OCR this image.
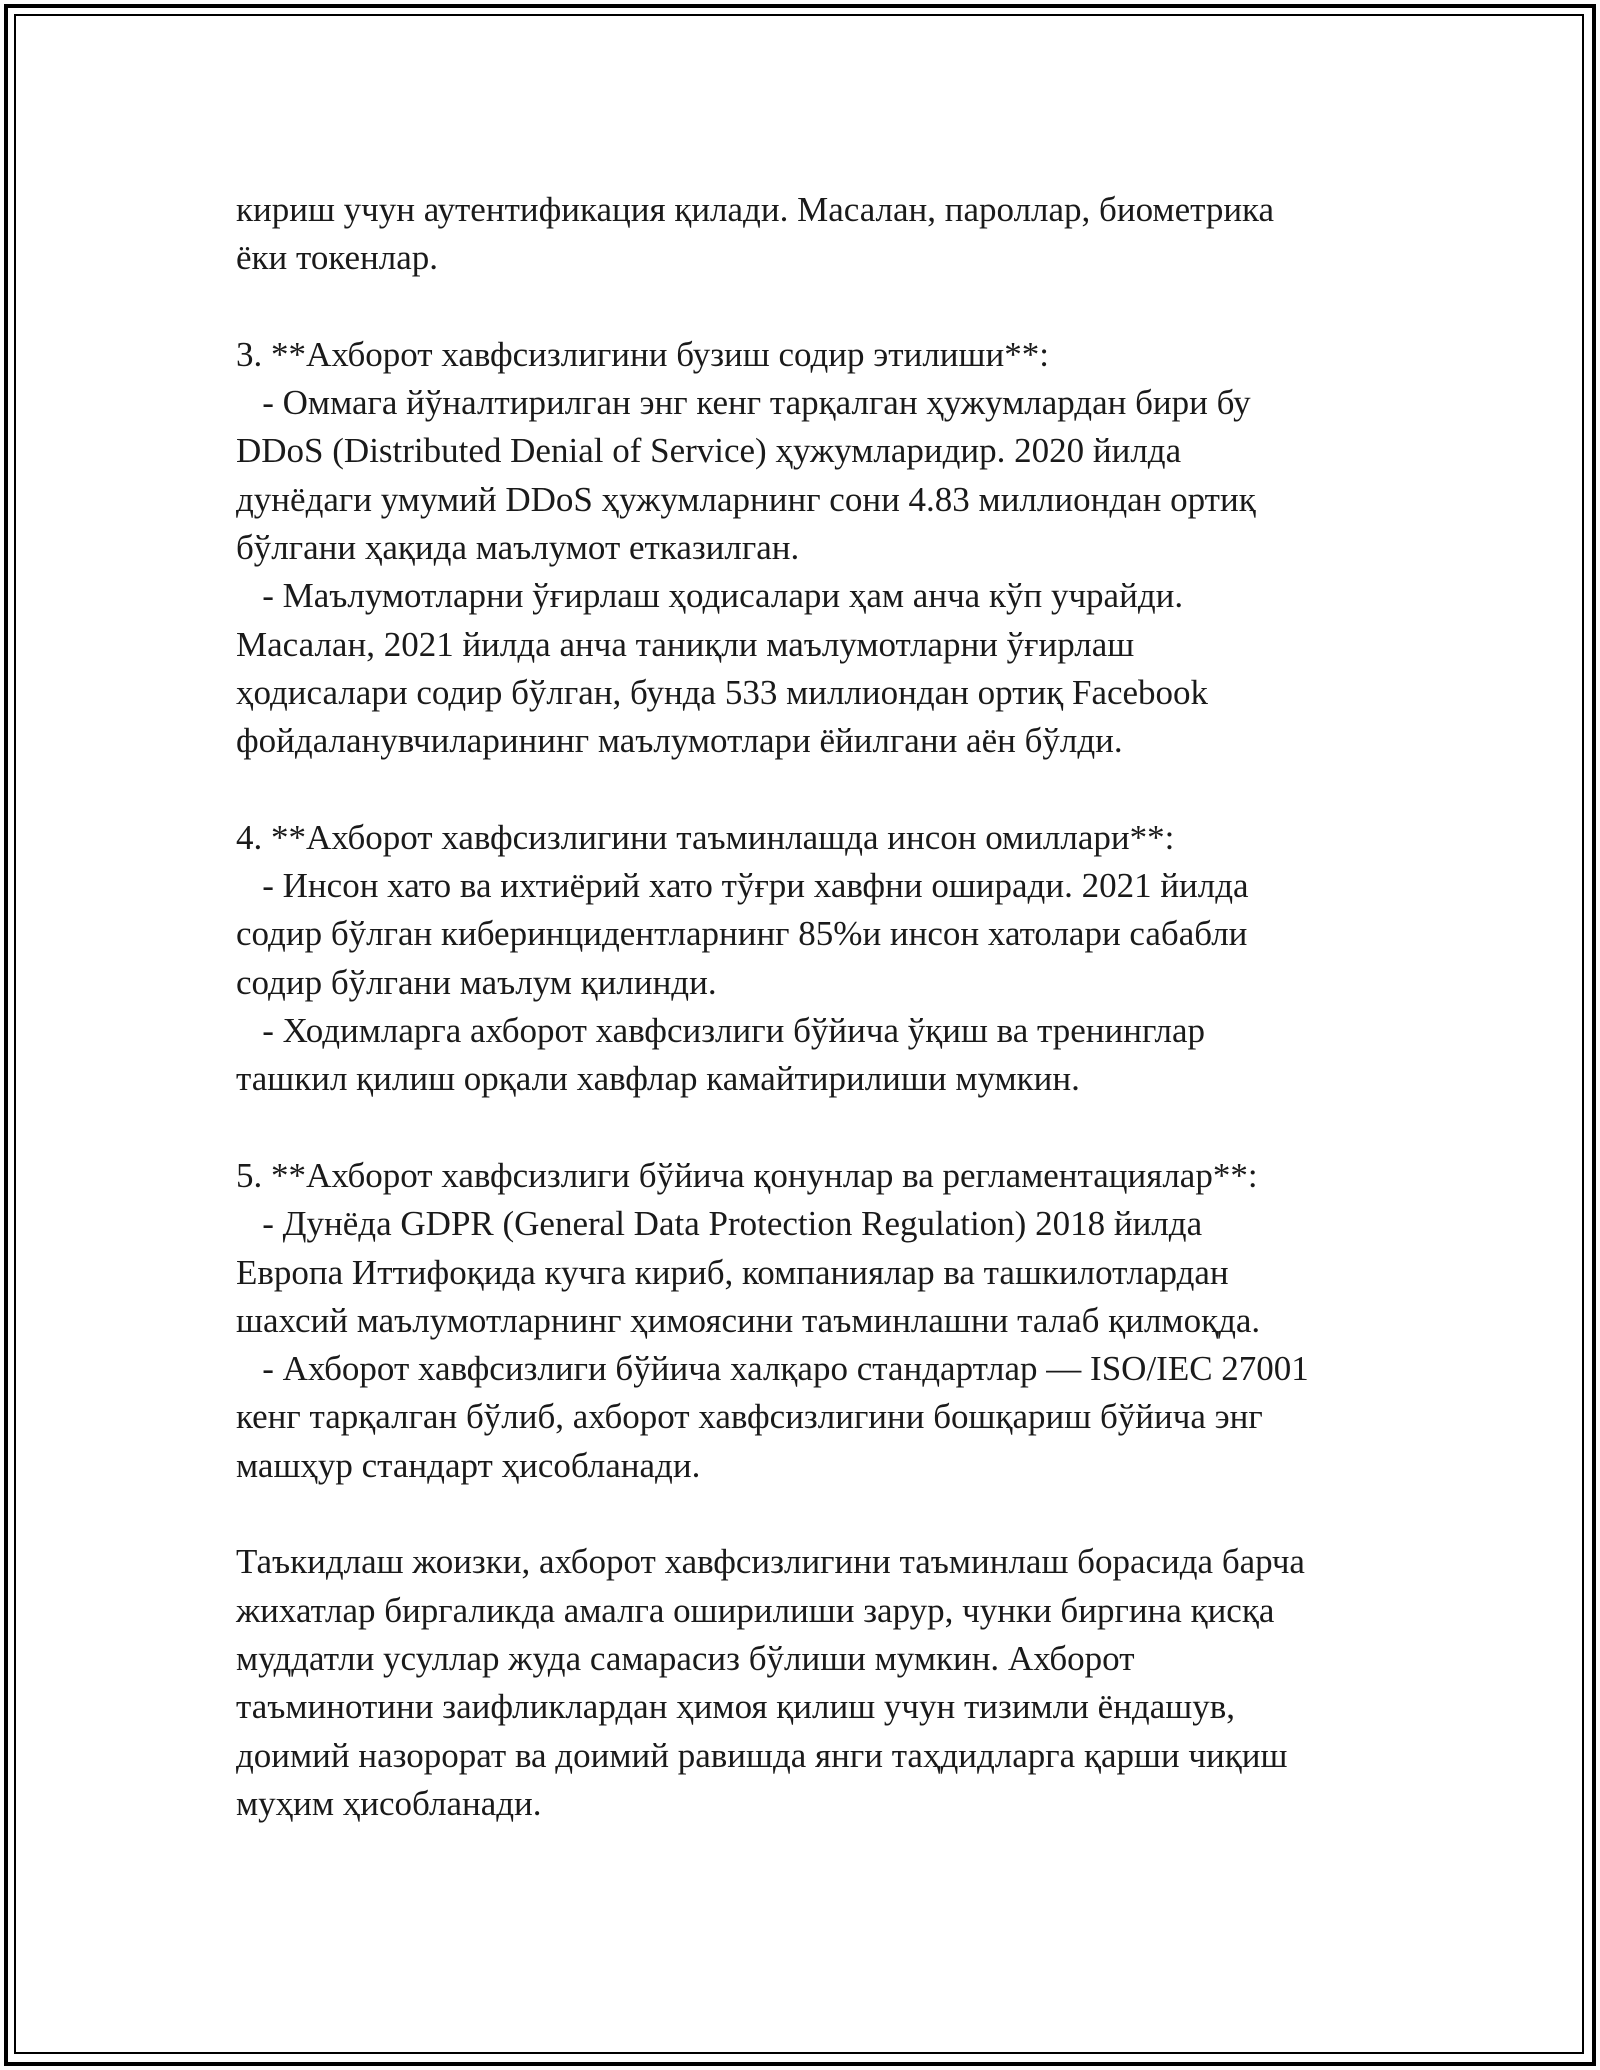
кириш учун аутентификация қилади. Масалан, пароллар, биометрика
ёки токенлар.
3. **Ахборот хавфсизлигини бузиш содир этилиши**:
- Оммага йўналтирилган энг кенг тарқалган ҳужумлардан бири бу
DDoS (Distributed Denial of Service) ҳужумларидир. 2020 йилда
дунёдаги умумий DDoS ҳужумларнинг сони 4.83 миллиондан ортиқ
бўлгани ҳақида маълумот етказилган.
- Маълумотларни ўғирлаш ҳодисалари ҳам анча кўп учрайди.
Масалан, 2021 йилда анча таниқли маълумотларни ўғирлаш
ҳодисалари содир бўлган, бунда 533 миллиондан ортиқ Facebook
фойдаланувчиларининг маълумотлари ёйилгани аён бўлди.
4. **Ахборот хавфсизлигини таъминлашда инсон омиллари**:
- Инсон хато ва ихтиёрий хато тўғри хавфни оширади. 2021 йилда
содир бўлган киберинцидентларнинг 85%и инсон хатолари сабабли
содир бўлгани маълум қилинди.
- Ходимларга ахборот хавфсизлиги бўйича ўқиш ва тренинглар
ташкил қилиш орқали хавфлар камайтирилиши мумкин.
5. **Ахборот хавфсизлиги бўйича қонунлар ва регламентациялар**:
- Дунёда GDPR (General Data Protection Regulation) 2018 йилда
Европа Иттифоқида кучга кириб, компаниялар ва ташкилотлардан
шахсий маълумотларнинг ҳимоясини таъминлашни талаб қилмоқда.
- Ахборот хавфсизлиги бўйича халқаро стандартлар — ISO/IEC 27001
кенг тарқалган бўлиб, ахборот хавфсизлигини бошқариш бўйича энг
машҳур стандарт ҳисобланади.
Таъкидлаш жоизки, ахборот хавфсизлигини таъминлаш борасида барча
жихатлар биргаликда амалга оширилиши зарур, чунки биргина қисқа
муддатли усуллар жуда самарасиз бўлиши мумкин. Ахборот
таъминотини заифликлардан ҳимоя қилиш учун тизимли ёндашув,
доимий назорорат ва доимий равишда янги таҳдидларга қарши чиқиш
муҳим ҳисобланади.
